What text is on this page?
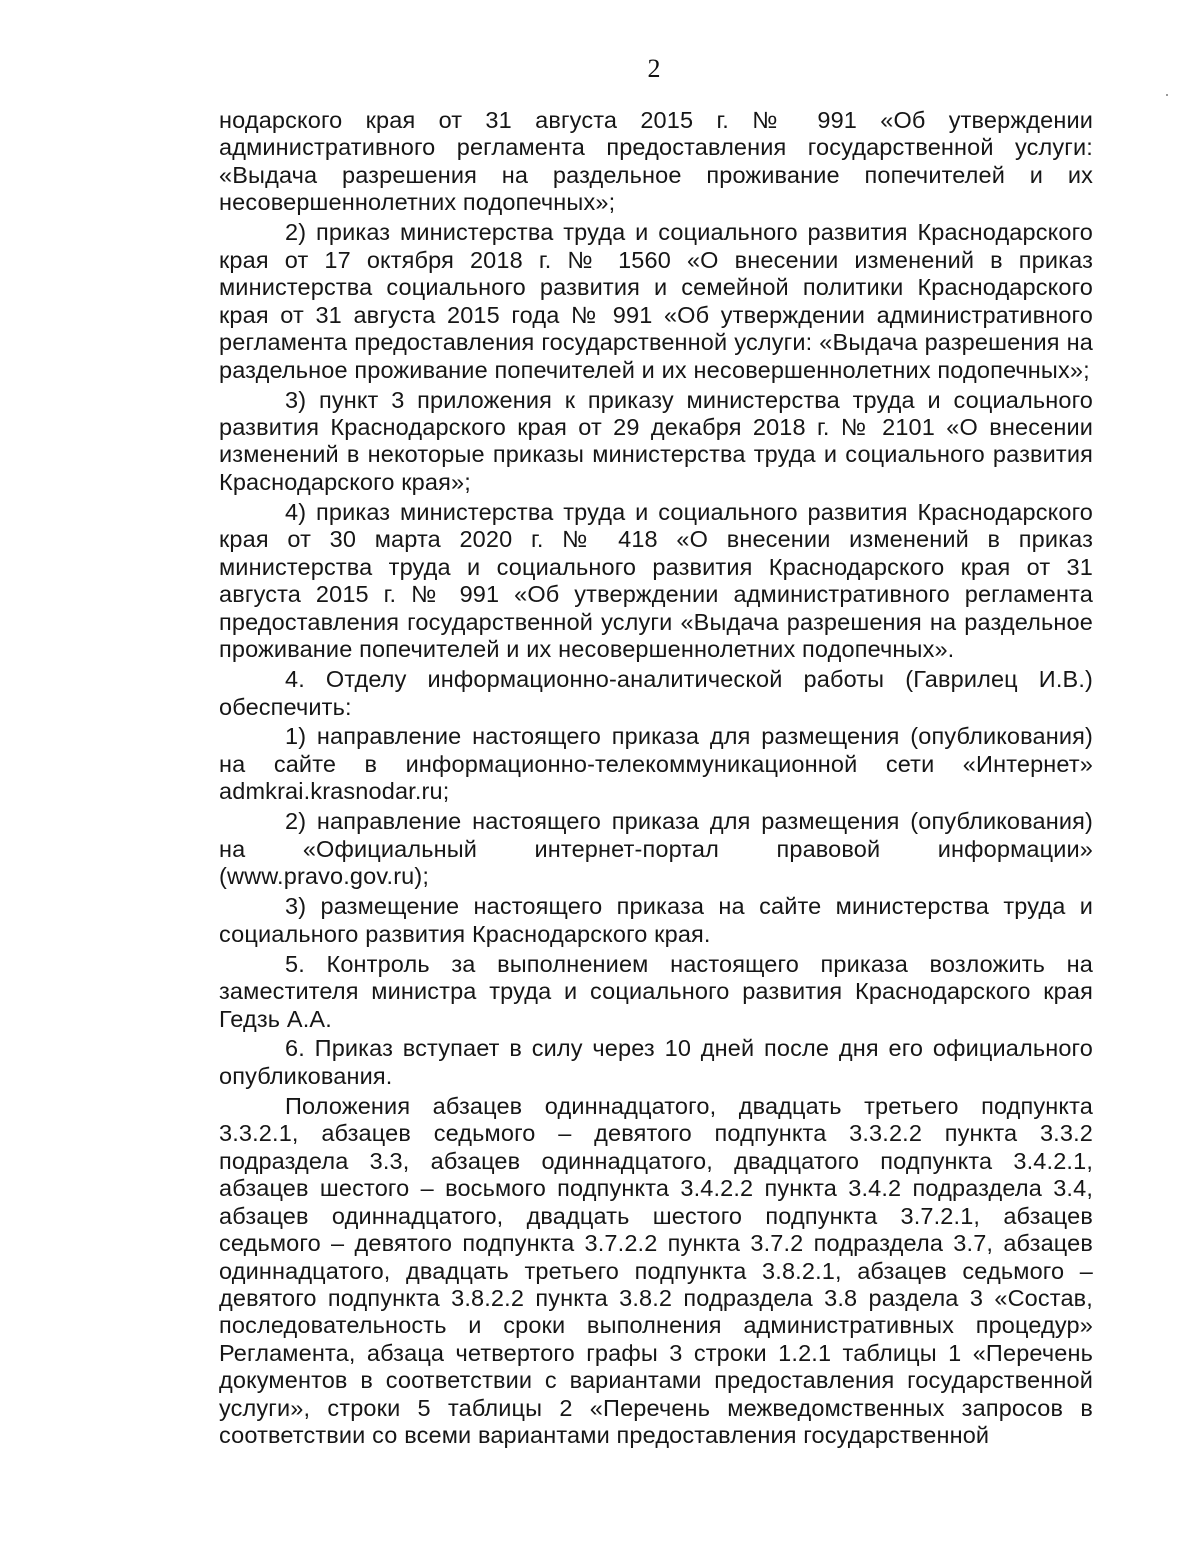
2

нодарского края от 31 августа 2015 г. № 991 «Об утверждении административного регламента предоставления государственной услуги: «Выдача разрешения на раздельное проживание попечителей и их несовершеннолетних подопечных»;

2) приказ министерства труда и социального развития Краснодарского края от 17 октября 2018 г. № 1560 «О внесении изменений в приказ министерства социального развития и семейной политики Краснодарского края от 31 августа 2015 года № 991 «Об утверждении административного регламента предоставления государственной услуги: «Выдача разрешения на раздельное проживание попечителей и их несовершеннолетних подопечных»;

3) пункт 3 приложения к приказу министерства труда и социального развития Краснодарского края от 29 декабря 2018 г. № 2101 «О внесении изменений в некоторые приказы министерства труда и социального развития Краснодарского края»;

4) приказ министерства труда и социального развития Краснодарского края от 30 марта 2020 г. № 418 «О внесении изменений в приказ министерства труда и социального развития Краснодарского края от 31 августа 2015 г. № 991 «Об утверждении административного регламента предоставления государственной услуги «Выдача разрешения на раздельное проживание попечителей и их несовершеннолетних подопечных».

4. Отделу информационно-аналитической работы (Гаврилец И.В.) обеспечить:

1) направление настоящего приказа для размещения (опубликования) на сайте в информационно-телекоммуникационной сети «Интернет» admkrai.krasnodar.ru;

2) направление настоящего приказа для размещения (опубликования) на «Официальный интернет-портал правовой информации» (www.pravo.gov.ru);

3) размещение настоящего приказа на сайте министерства труда и социального развития Краснодарского края.

5. Контроль за выполнением настоящего приказа возложить на заместителя министра труда и социального развития Краснодарского края Гедзь А.А.

6. Приказ вступает в силу через 10 дней после дня его официального опубликования.

Положения абзацев одиннадцатого, двадцать третьего подпункта 3.3.2.1, абзацев седьмого – девятого подпункта 3.3.2.2 пункта 3.3.2 подраздела 3.3, абзацев одиннадцатого, двадцатого подпункта 3.4.2.1, абзацев шестого – восьмого подпункта 3.4.2.2 пункта 3.4.2 подраздела 3.4, абзацев одиннадцатого, двадцать шестого подпункта 3.7.2.1, абзацев седьмого – девятого подпункта 3.7.2.2 пункта 3.7.2 подраздела 3.7, абзацев одиннадцатого, двадцать третьего подпункта 3.8.2.1, абзацев седьмого – девятого подпункта 3.8.2.2 пункта 3.8.2 подраздела 3.8 раздела 3 «Состав, последовательность и сроки выполнения административных процедур» Регламента, абзаца четвертого графы 3 строки 1.2.1 таблицы 1 «Перечень документов в соответствии с вариантами предоставления государственной услуги», строки 5 таблицы 2 «Перечень межведомственных запросов в соответствии со всеми вариантами предоставления государственной
